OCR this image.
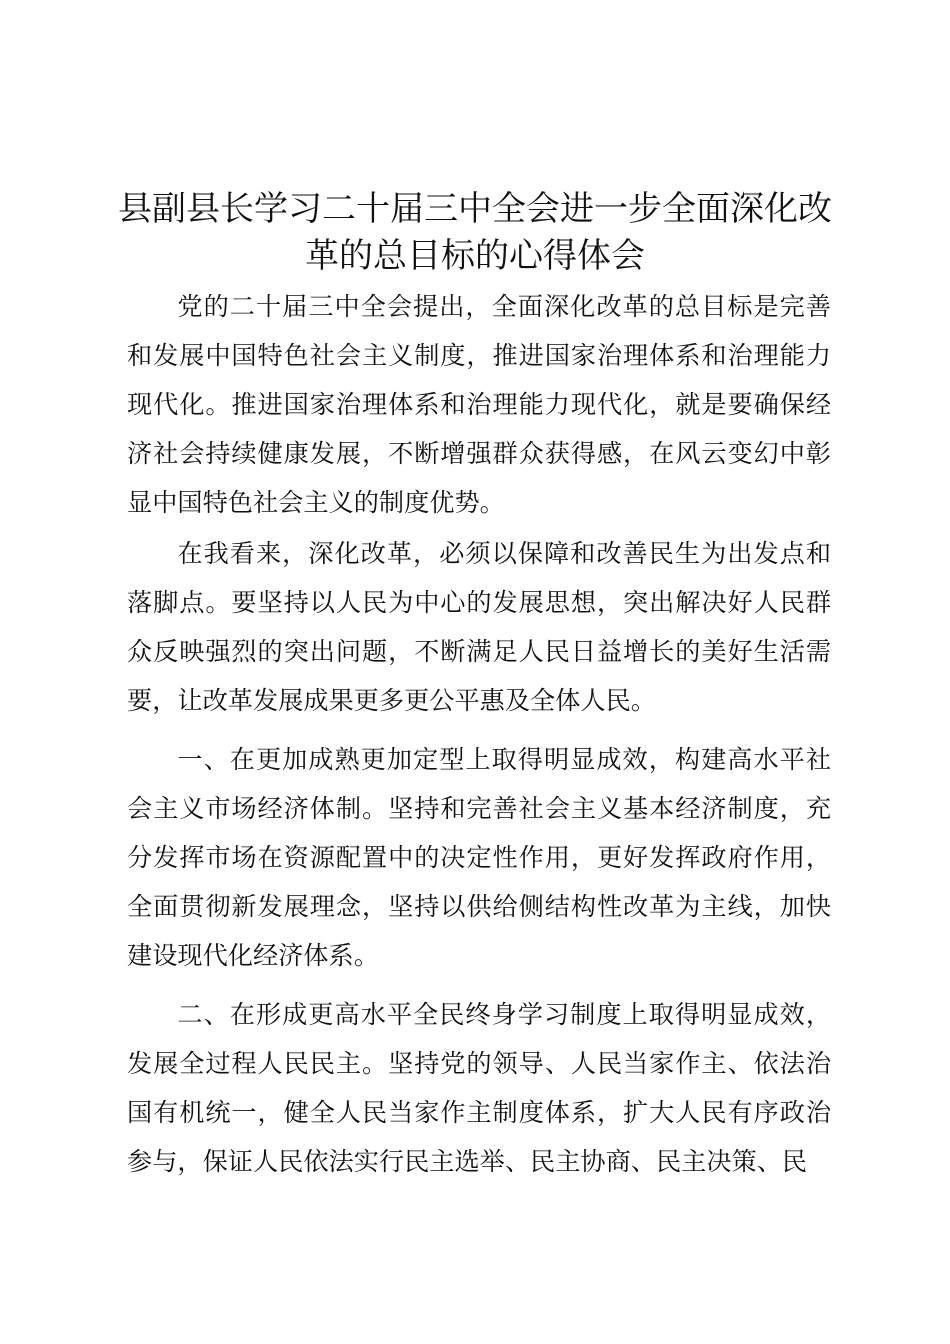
县副县长学习二十届三中全会进一步全面深化改革的总目标的心得体会

党的二十届三中全会提出，全面深化改革的总目标是完善和发展中国特色社会主义制度，推进国家治理体系和治理能力现代化。推进国家治理体系和治理能力现代化，就是要确保经济社会持续健康发展，不断增强群众获得感，在风云变幻中彰显中国特色社会主义的制度优势。

在我看来，深化改革，必须以保障和改善民生为出发点和落脚点。要坚持以人民为中心的发展思想，突出解决好人民群众反映强烈的突出问题，不断满足人民日益增长的美好生活需要，让改革发展成果更多更公平惠及全体人民。

一、在更加成熟更加定型上取得明显成效，构建高水平社会主义市场经济体制。坚持和完善社会主义基本经济制度，充分发挥市场在资源配置中的决定性作用，更好发挥政府作用，全面贯彻新发展理念，坚持以供给侧结构性改革为主线，加快建设现代化经济体系。

二、在形成更高水平全民终身学习制度上取得明显成效，发展全过程人民民主。坚持党的领导、人民当家作主、依法治国有机统一，健全人民当家作主制度体系，扩大人民有序政治参与，保证人民依法实行民主选举、民主协商、民主决策、民
